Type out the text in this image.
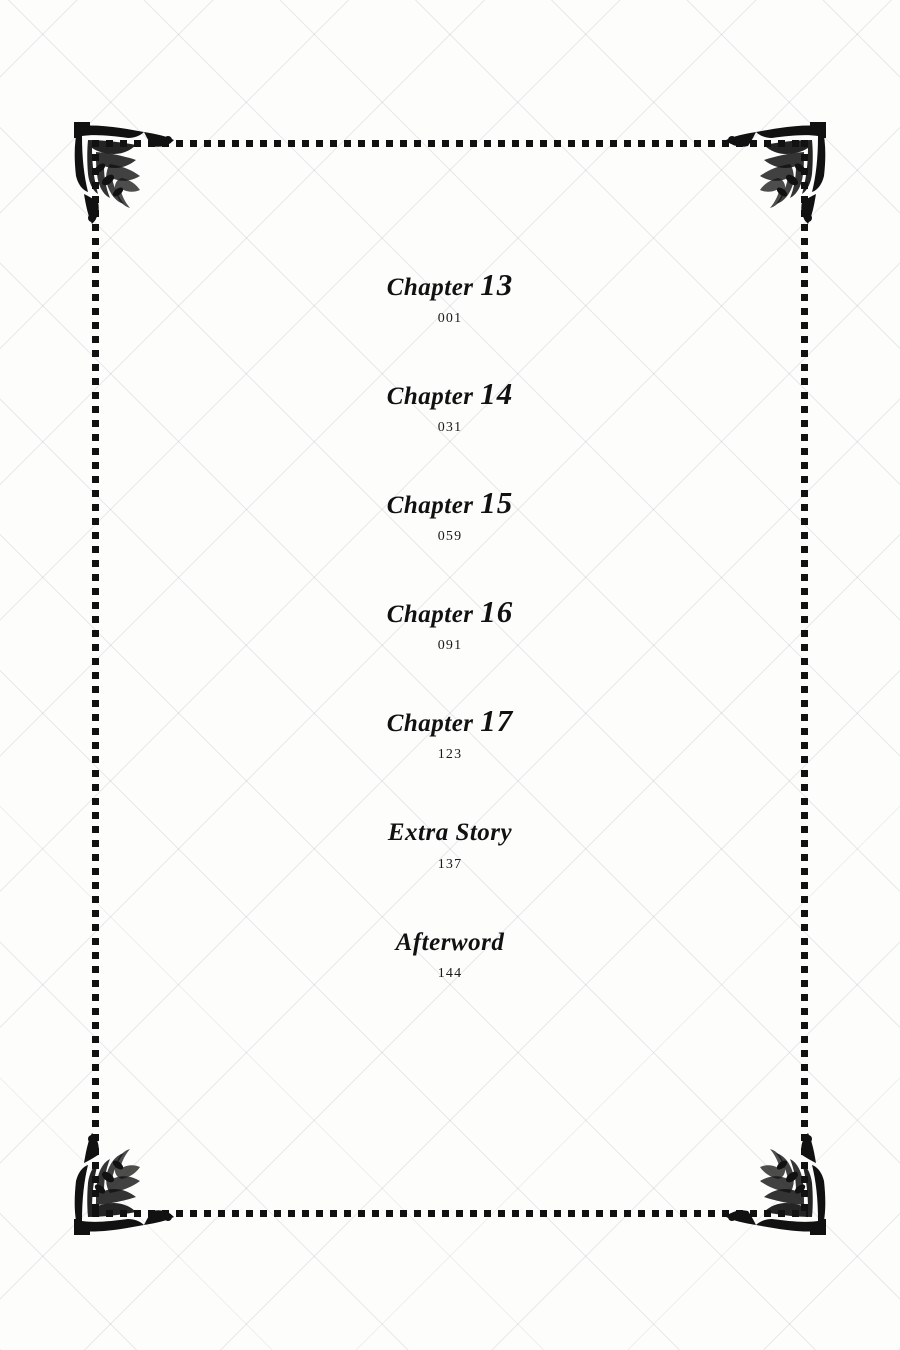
Chapter 13
001
Chapter 14
031
Chapter 15
059
Chapter 16
091
Chapter 17
123
Extra Story
137
Afterword
144
